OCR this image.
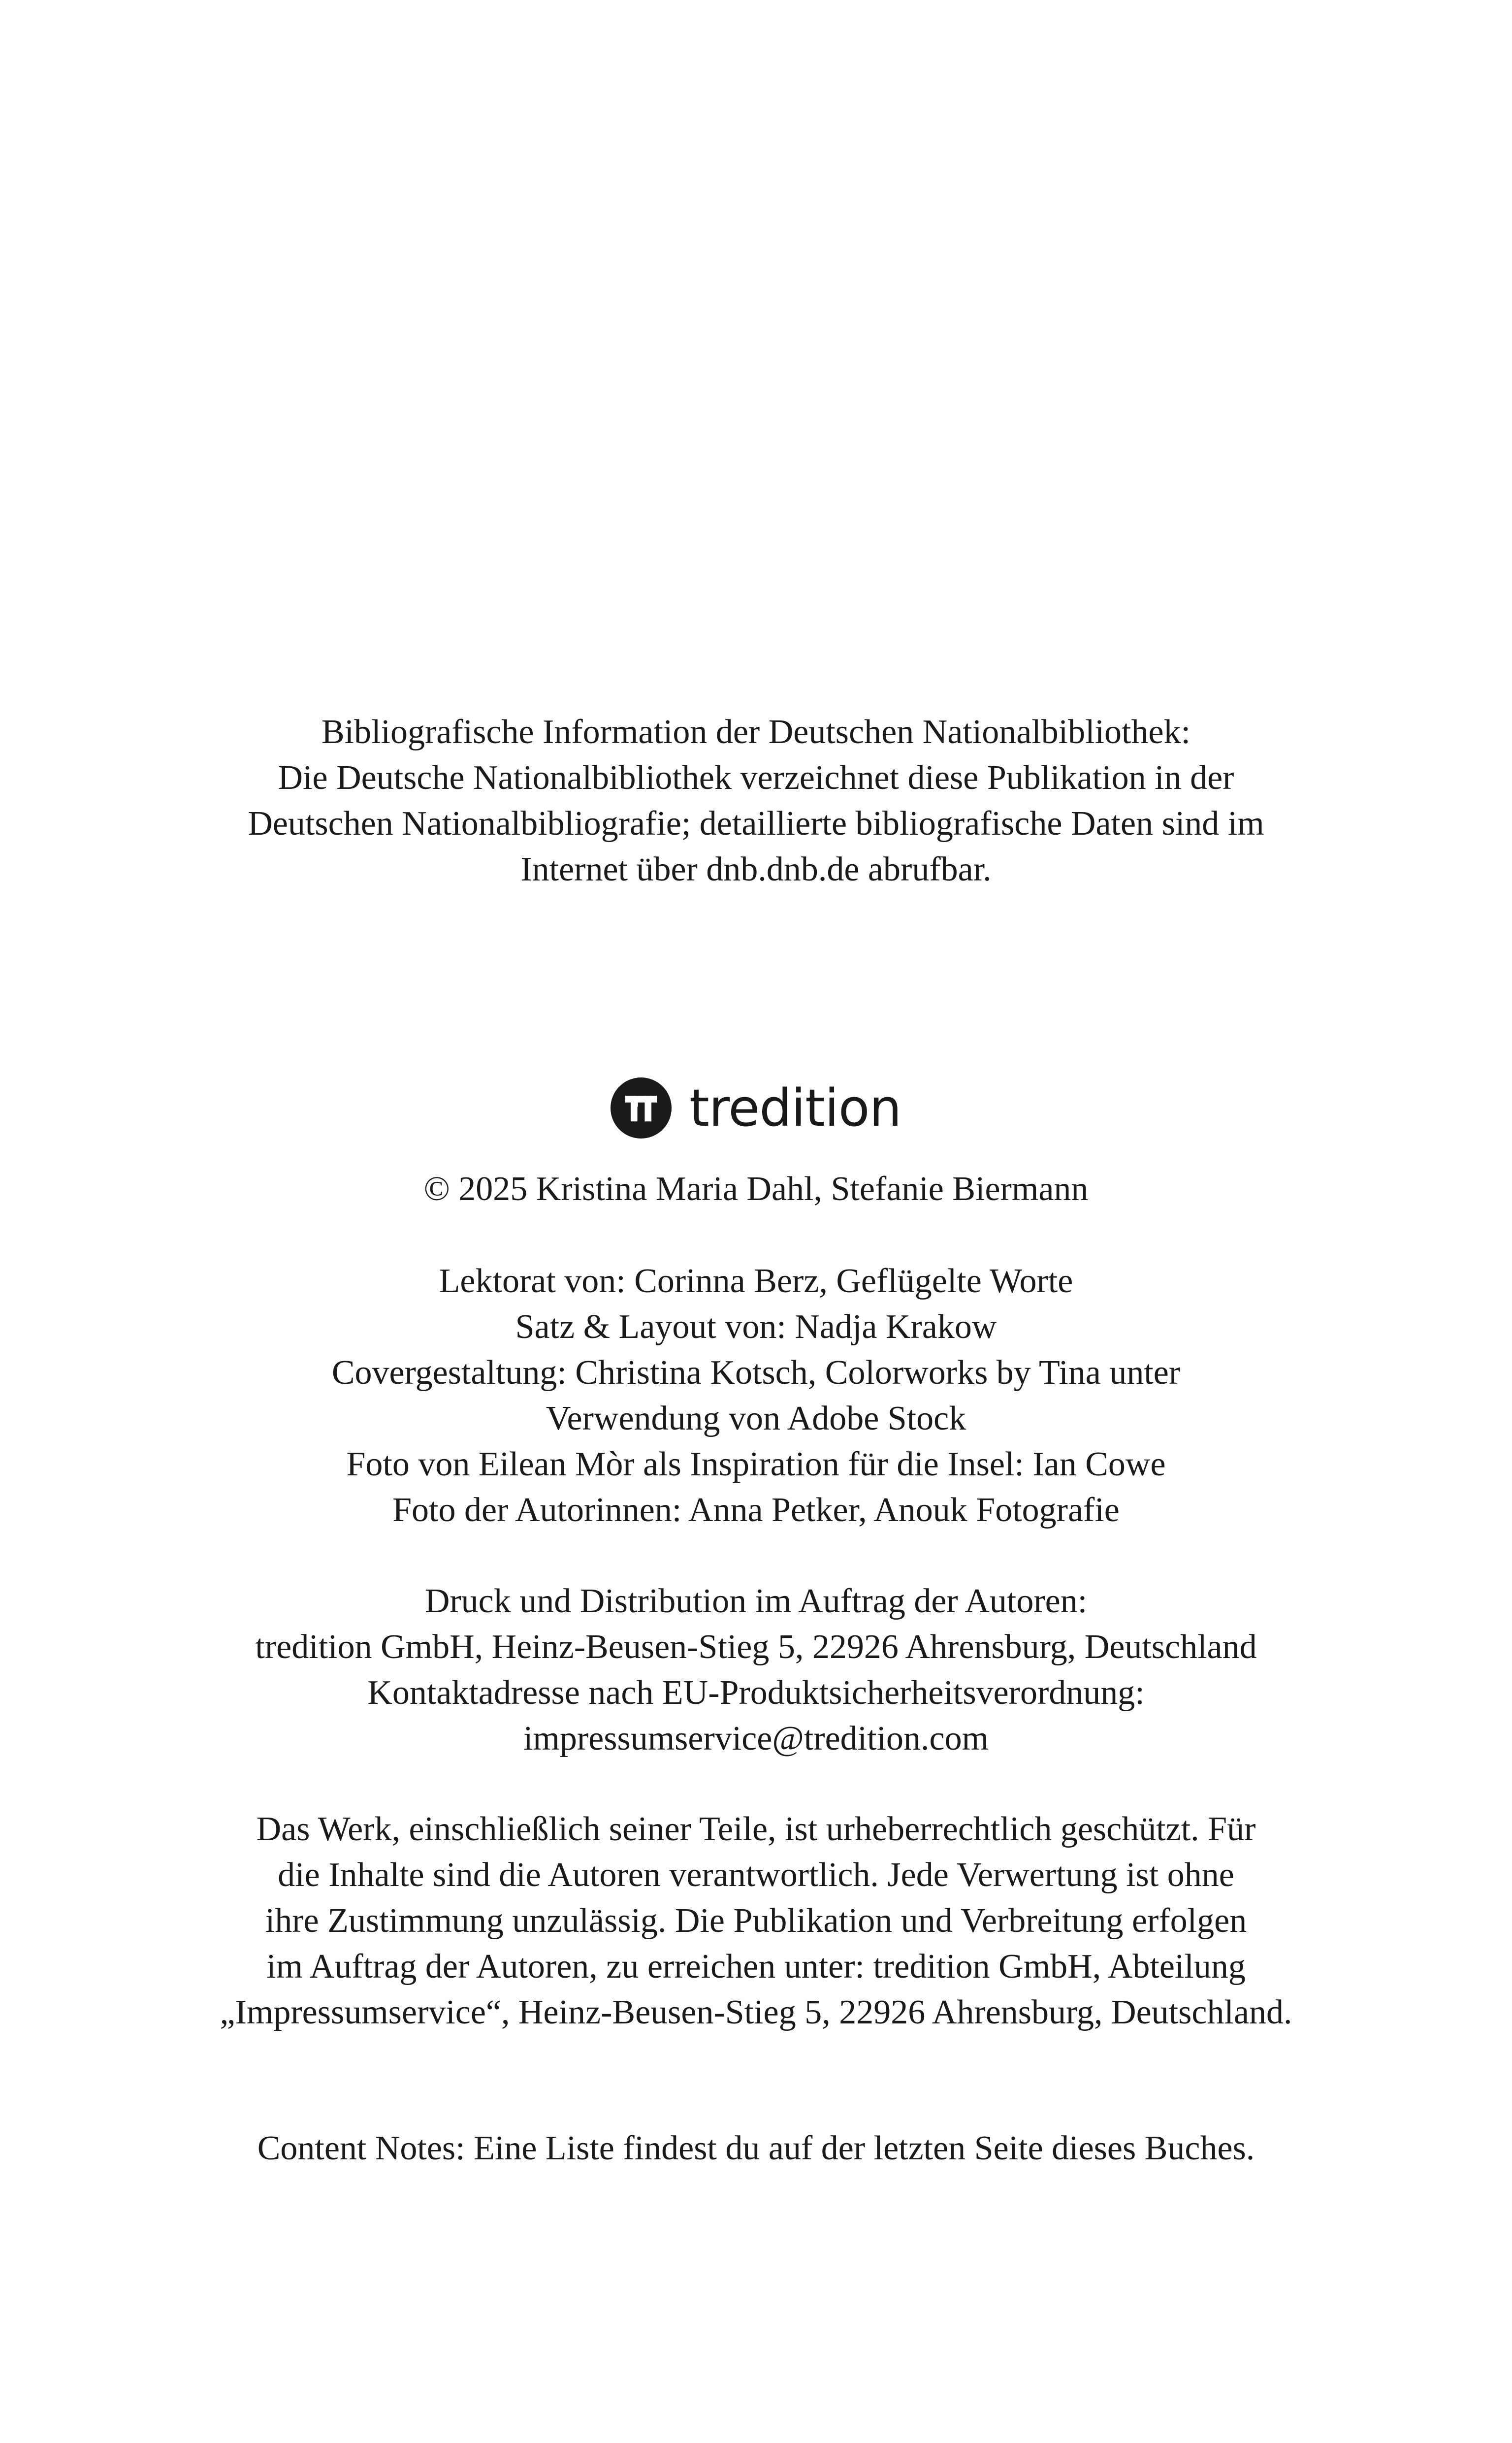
Bibliografische Information der Deutschen Nationalbibliothek:
Die Deutsche Nationalbibliothek verzeichnet diese Publikation in der
Deutschen Nationalbibliografie; detaillierte bibliografische Daten sind im
Internet über dnb.dnb.de abrufbar.
tredition
© 2025 Kristina Maria Dahl, Stefanie Biermann
Lektorat von: Corinna Berz, Geflügelte Worte
Satz & Layout von: Nadja Krakow
Covergestaltung: Christina Kotsch, Colorworks by Tina unter
Verwendung von Adobe Stock
Foto von Eilean Mòr als Inspiration für die Insel: Ian Cowe
Foto der Autorinnen: Anna Petker, Anouk Fotografie
Druck und Distribution im Auftrag der Autoren:
tredition GmbH, Heinz-Beusen-Stieg 5, 22926 Ahrensburg, Deutschland
Kontaktadresse nach EU-Produktsicherheitsverordnung:
impressumservice@tredition.com
Das Werk, einschließlich seiner Teile, ist urheberrechtlich geschützt. Für
die Inhalte sind die Autoren verantwortlich. Jede Verwertung ist ohne
ihre Zustimmung unzulässig. Die Publikation und Verbreitung erfolgen
im Auftrag der Autoren, zu erreichen unter: tredition GmbH, Abteilung
„Impressumservice“, Heinz-Beusen-Stieg 5, 22926 Ahrensburg, Deutschland.
Content Notes: Eine Liste findest du auf der letzten Seite dieses Buches.
